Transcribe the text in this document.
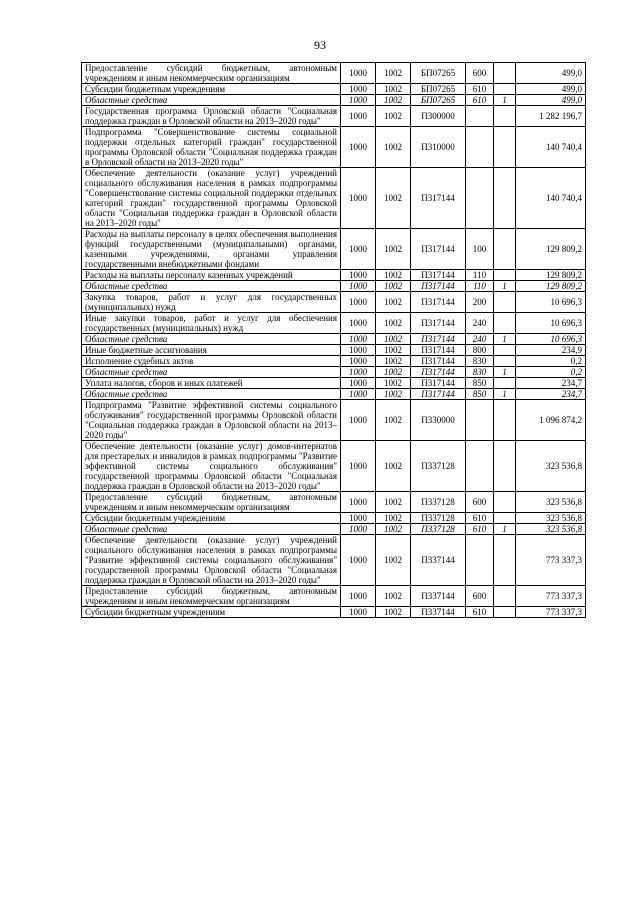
93
Предоставление субсидий бюджетным, автономным учреждениям и иным некоммерческим организациям	1000	1002	БП07265	600		499,0
Субсидии бюджетным учреждениям	1000	1002	БП07265	610		499,0
Областные средства	1000	1002	БП07265	610	1	499,0
Государственная программа Орловской области "Социальная поддержка граждан в Орловской области на 2013–2020 годы"	1000	1002	П300000			1 282 196,7
Подпрограмма "Совершенствование системы социальной поддержки отдельных категорий граждан" государственной программы Орловской области "Социальная поддержка граждан в Орловской области на 2013–2020 годы"	1000	1002	П310000			140 740,4
Обеспечение деятельности (оказание услуг) учреждений социального обслуживания населения в рамках подпрограммы "Совершенствование системы социальной поддержки отдельных категорий граждан" государственной программы Орловской области "Социальная поддержка граждан в Орловской области на 2013–2020 годы"	1000	1002	П317144			140 740,4
Расходы на выплаты персоналу в целях обеспечения выполнения функций государственными (муниципальными) органами, казенными учреждениями, органами управления государственными внебюджетными фондами	1000	1002	П317144	100		129 809,2
Расходы на выплаты персоналу казенных учреждений	1000	1002	П317144	110		129 809,2
Областные средства	1000	1002	П317144	110	1	129 809,2
Закупка товаров, работ и услуг для государственных (муниципальных) нужд	1000	1002	П317144	200		10 696,3
Иные закупки товаров, работ и услуг для обеспечения государственных (муниципальных) нужд	1000	1002	П317144	240		10 696,3
Областные средства	1000	1002	П317144	240	1	10 696,3
Иные бюджетные ассигнования	1000	1002	П317144	800		234,9
Исполнение судебных актов	1000	1002	П317144	830		0,2
Областные средства	1000	1002	П317144	830	1	0,2
Уплата налогов, сборов и иных платежей	1000	1002	П317144	850		234,7
Областные средства	1000	1002	П317144	850	1	234,7
Подпрограмма "Развитие эффективной системы социального обслуживания" государственной программы Орловской области "Социальная поддержка граждан в Орловской области на 2013–2020 годы"	1000	1002	П330000			1 096 874,2
Обеспечение деятельности (оказание услуг) домов-интернатов для престарелых и инвалидов в рамках подпрограммы "Развитие эффективной системы социального обслуживания" государственной программы Орловской области "Социальная поддержка граждан в Орловской области на 2013–2020 годы"	1000	1002	П337128			323 536,8
Предоставление субсидий бюджетным, автономным учреждениям и иным некоммерческим организациям	1000	1002	П337128	600		323 536,8
Субсидии бюджетным учреждениям	1000	1002	П337128	610		323 536,8
Областные средства	1000	1002	П337128	610	1	323 536,8
Обеспечение деятельности (оказание услуг) учреждений социального обслуживания населения в рамках подпрограммы "Развитие эффективной системы социального обслуживания" государственной программы Орловской области "Социальная поддержка граждан в Орловской области на 2013–2020 годы"	1000	1002	П337144			773 337,3
Предоставление субсидий бюджетным, автономным учреждениям и иным некоммерческим организациям	1000	1002	П337144	600		773 337,3
Субсидии бюджетным учреждениям	1000	1002	П337144	610		773 337,3
